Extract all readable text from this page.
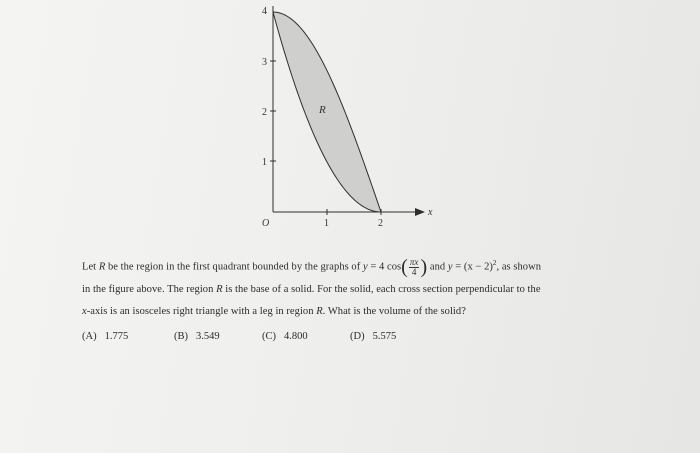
1
2
3
4
1	2
O
x
R
Let R be the region in the first quadrant bounded by the graphs of y = 4 $\cos( \frac{\pi x}{4}$ ) and $y = (x - 2)^2$, as shown
in the figure above. The region R is the base of a solid. For the solid, each cross section perpendicular to the
x-axis is an isosceles right triangle with a leg in region R. What is the volume of the solid?
(A) 1.775	(B) 3.549	(C) 4.800	(D) 5.575
